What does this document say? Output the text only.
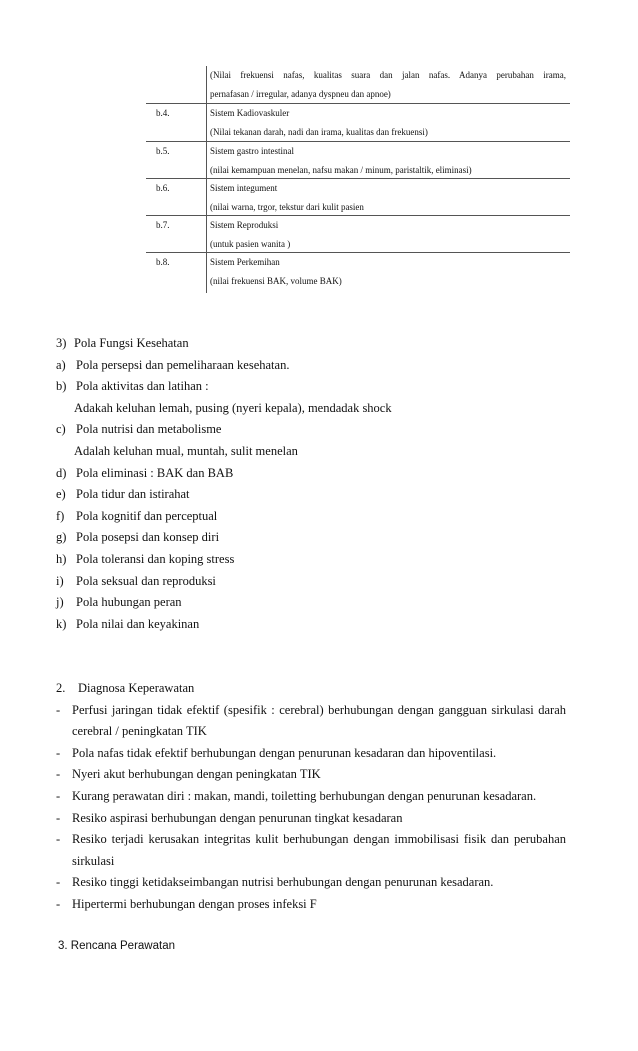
(Nilai frekuensi nafas, kualitas suara dan jalan nafas. Adanya perubahan irama,
pernafasan / irregular, adanya dyspneu dan apnoe)
b.4.	Sistem Kadiovaskuler
(Nilai tekanan darah, nadi dan irama, kualitas dan frekuensi)
b.5.	Sistem gastro intestinal
(nilai kemampuan menelan, nafsu makan / minum, paristaltik, eliminasi)
b.6.	Sistem integument
(nilai warna, trgor, tekstur dari kulit pasien
b.7.	Sistem Reproduksi
(untuk pasien wanita )
b.8.	Sistem Perkemihan
(nilai frekuensi BAK, volume BAK)
3) Pola Fungsi Kesehatan
a) Pola persepsi dan pemeliharaan kesehatan.
b) Pola aktivitas dan latihan :
Adakah keluhan lemah, pusing (nyeri kepala), mendadak shock
c) Pola nutrisi dan metabolisme
Adalah keluhan mual, muntah, sulit menelan
d) Pola eliminasi : BAK dan BAB
e) Pola tidur dan istirahat
f) Pola kognitif dan perceptual
g) Pola posepsi dan konsep diri
h) Pola toleransi dan koping stress
i) Pola seksual dan reproduksi
j) Pola hubungan peran
k) Pola nilai dan keyakinan
2. Diagnosa Keperawatan
- Perfusi jaringan tidak efektif (spesifik : cerebral) berhubungan dengan gangguan sirkulasi darah
cerebral / peningkatan TIK
- Pola nafas tidak efektif berhubungan dengan penurunan kesadaran dan hipoventilasi.
- Nyeri akut berhubungan dengan peningkatan TIK
- Kurang perawatan diri : makan, mandi, toiletting berhubungan dengan penurunan kesadaran.
- Resiko aspirasi berhubungan dengan penurunan tingkat kesadaran
- Resiko terjadi kerusakan integritas kulit berhubungan dengan immobilisasi fisik dan perubahan
sirkulasi
- Resiko tinggi ketidakseimbangan nutrisi berhubungan dengan penurunan kesadaran.
- Hipertermi berhubungan dengan proses infeksi F
3. Rencana Perawatan
